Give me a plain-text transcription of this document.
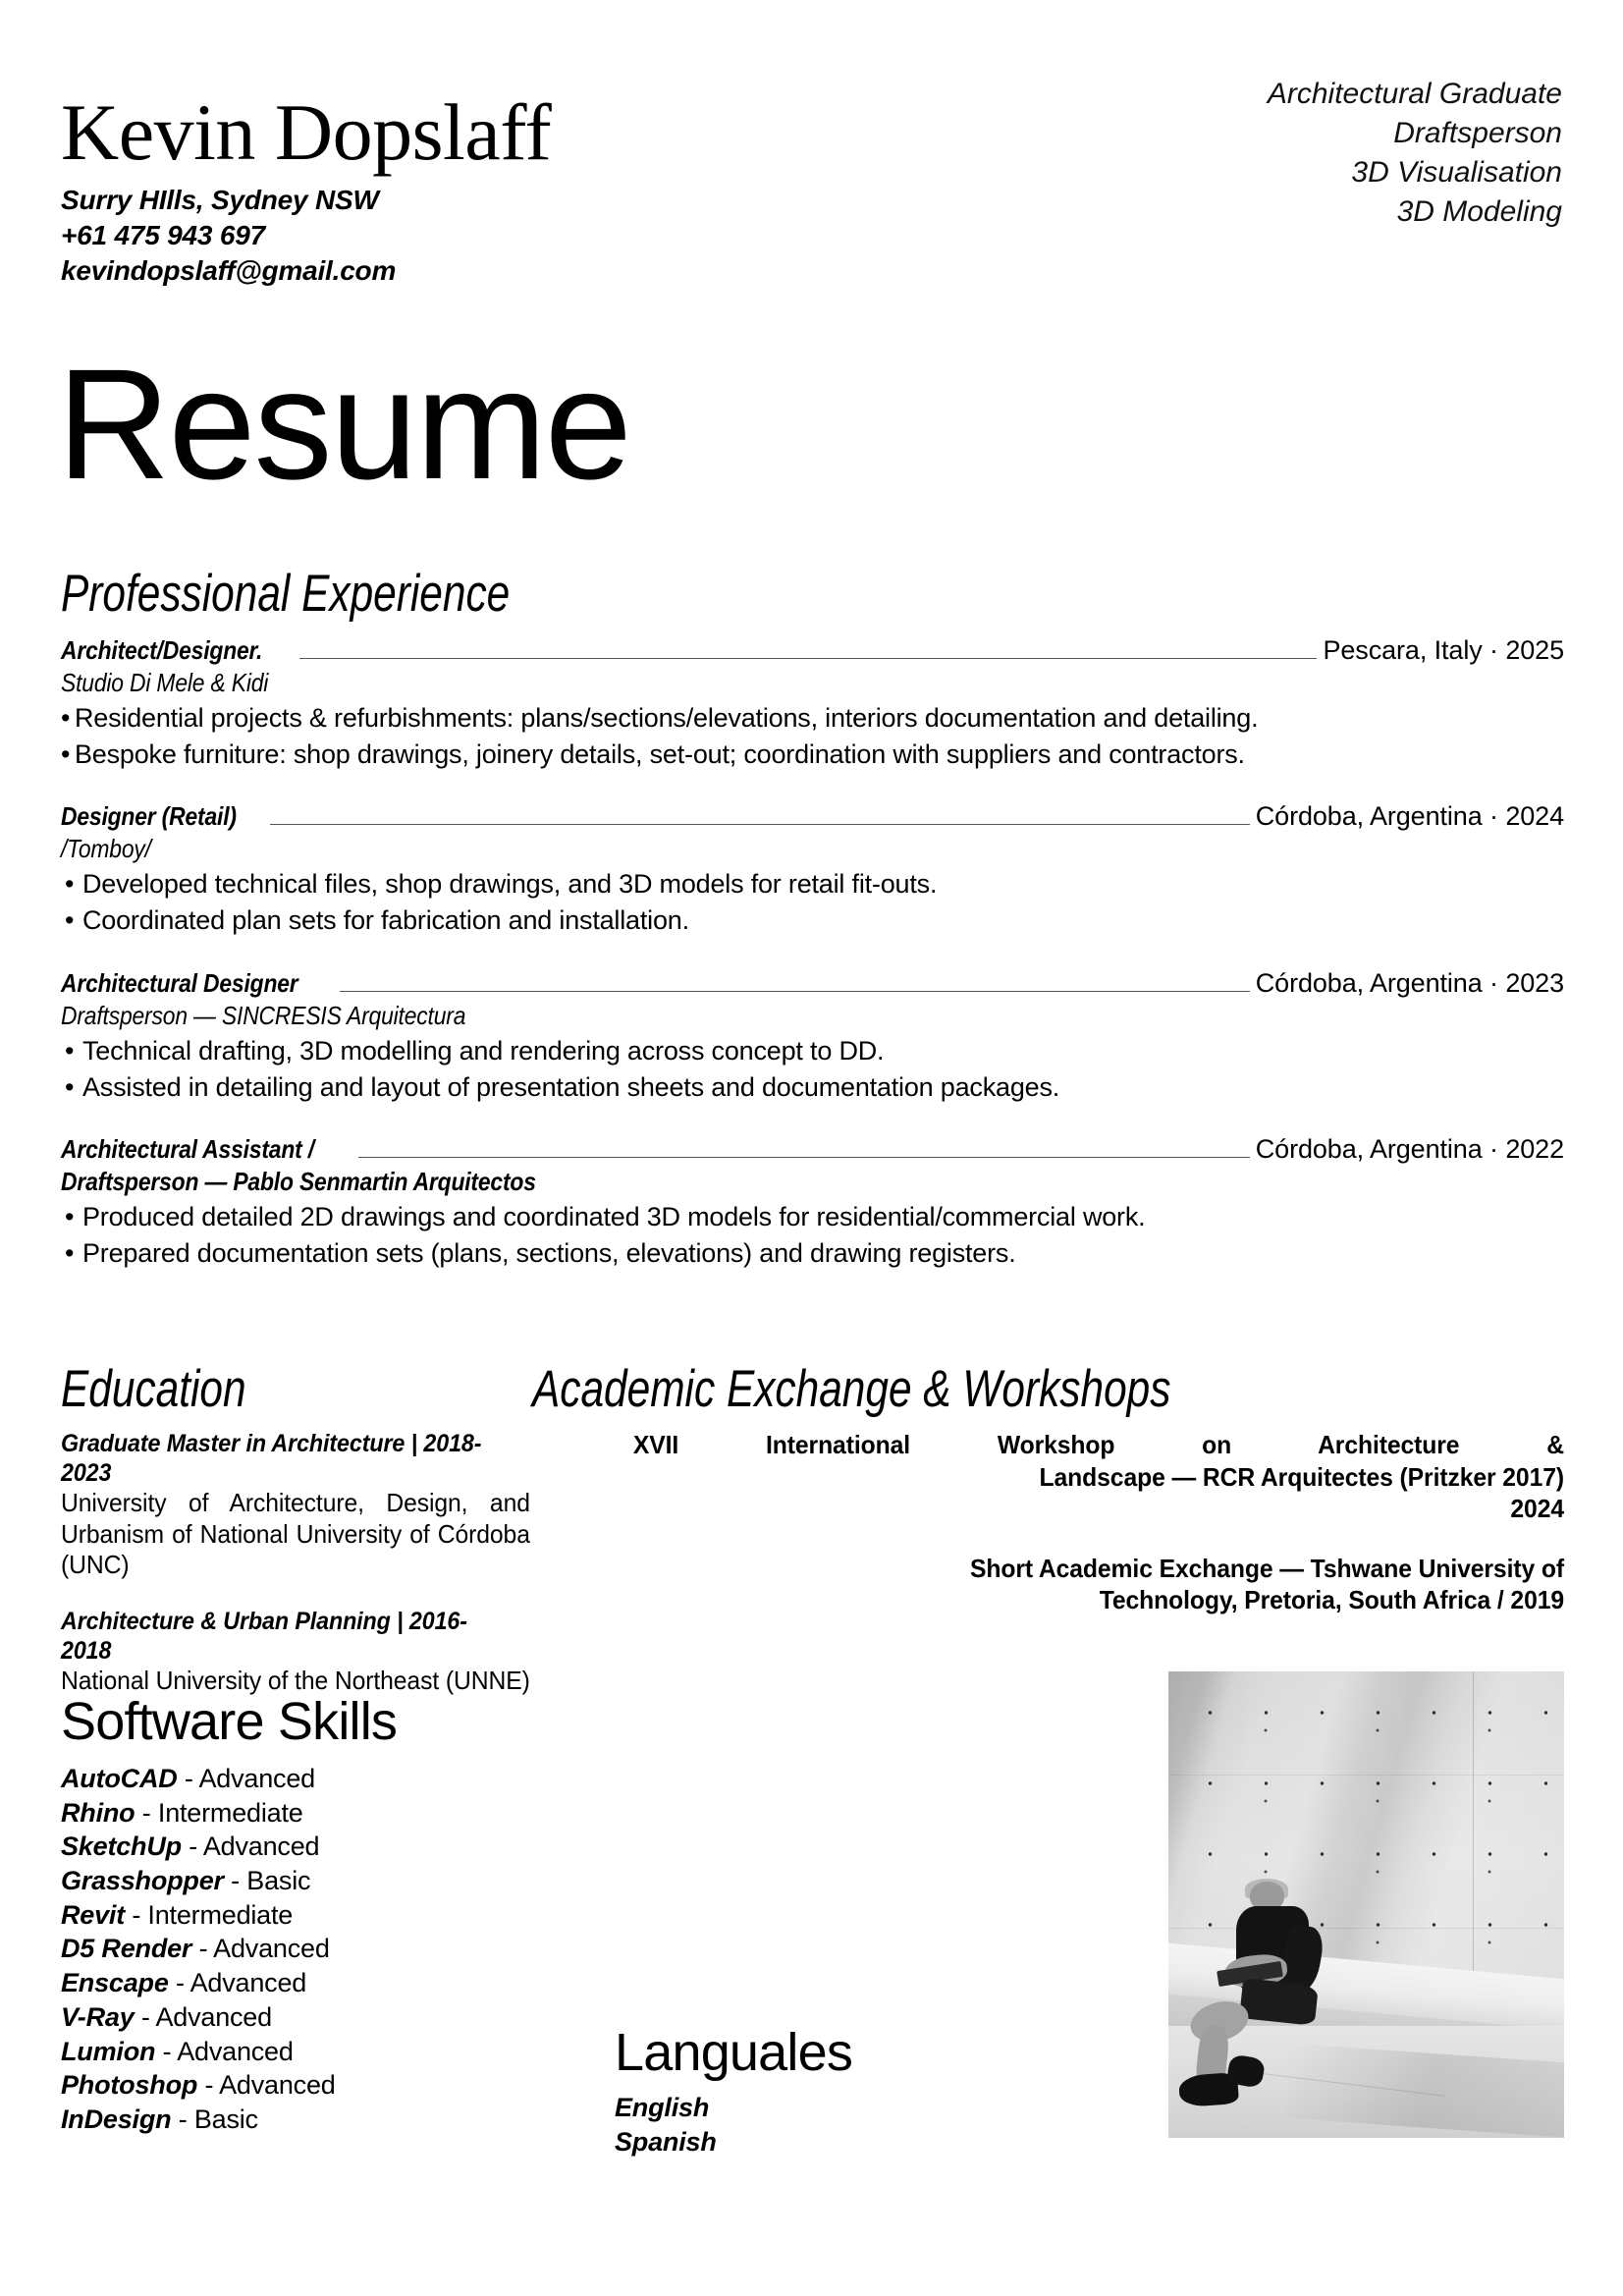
Kevin Dopslaff
Surry HIlls, Sydney NSW
+61 475 943 697
kevindopslaff@gmail.com
Architectural Graduate
Draftsperson
3D Visualisation
3D Modeling
Resume
Professional Experience
Architect/Designer.	Pescara, Italy · 2025
Studio Di Mele & Kidi
• Residential projects & refurbishments: plans/sections/elevations, interiors documentation and detailing.
• Bespoke furniture: shop drawings, joinery details, set-out; coordination with suppliers and contractors.
Designer (Retail)	Córdoba, Argentina · 2024
/Tomboy/
• Developed technical files, shop drawings, and 3D models for retail fit-outs.
• Coordinated plan sets for fabrication and installation.
Architectural Designer	Córdoba, Argentina · 2023
Draftsperson — SINCRESIS Arquitectura
• Technical drafting, 3D modelling and rendering across concept to DD.
• Assisted in detailing and layout of presentation sheets and documentation packages.
Architectural Assistant /	Córdoba, Argentina · 2022
Draftsperson — Pablo Senmartin Arquitectos
• Produced detailed 2D drawings and coordinated 3D models for residential/commercial work.
• Prepared documentation sets (plans, sections, elevations) and drawing registers.
Education	Academic Exchange & Workshops
Graduate Master in Architecture | 2018- 2023
University of Architecture, Design, and Urbanism of National University of Córdoba (UNC)
Architecture & Urban Planning | 2016- 2018
National University of the Northeast (UNNE)
XVII International Workshop on Architecture &
Landscape — RCR Arquitectes (Pritzker 2017)
2024
Short Academic Exchange — Tshwane University of
Technology, Pretoria, South Africa / 2019
Software Skills
AutoCAD - Advanced
Rhino - Intermediate
SketchUp - Advanced
Grasshopper - Basic
Revit - Intermediate
D5 Render - Advanced
Enscape - Advanced
V-Ray - Advanced
Lumion - Advanced
Photoshop - Advanced
InDesign - Basic
Languales
English
Spanish
